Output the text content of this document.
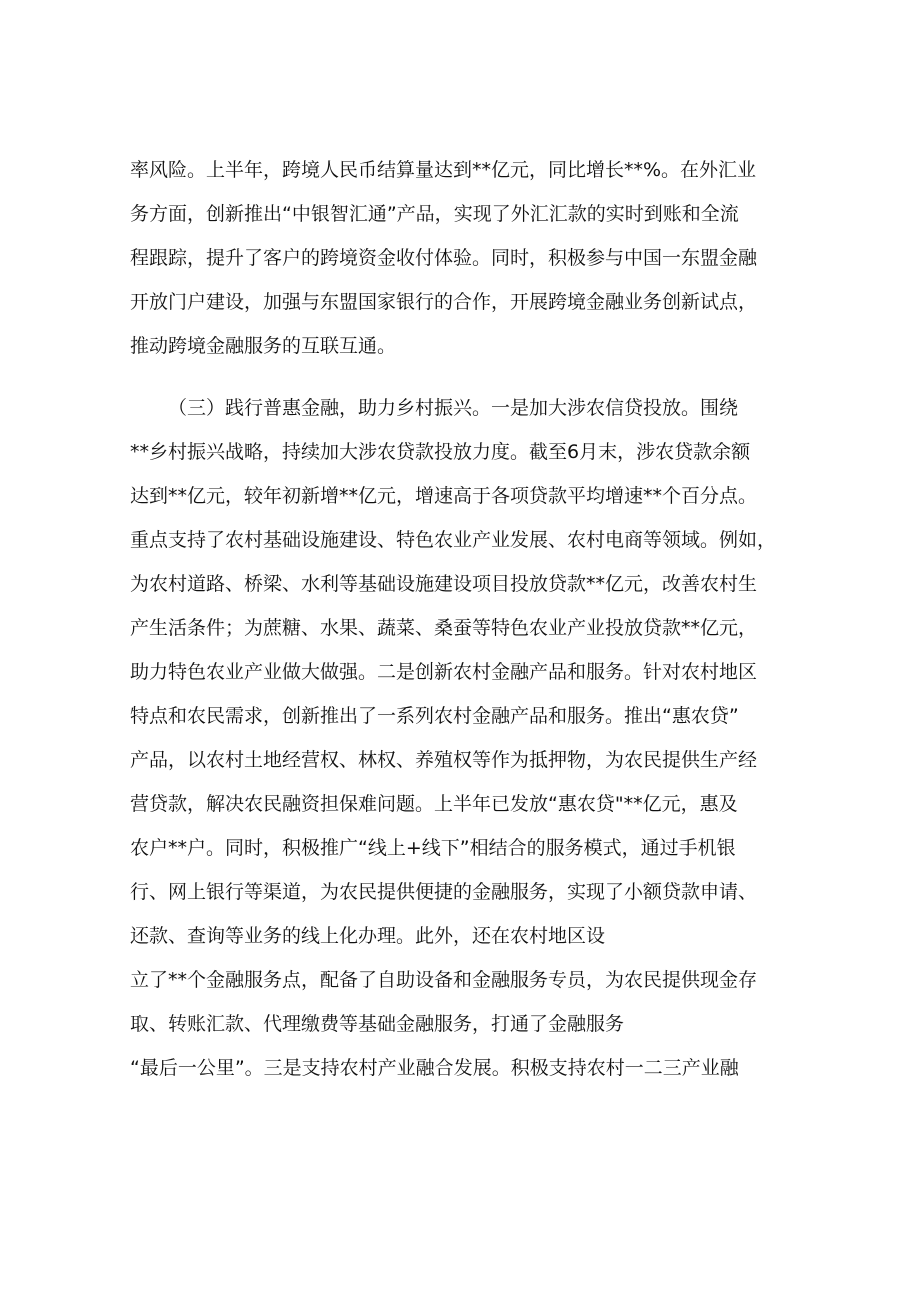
率风险。上半年，跨境人民币结算量达到**亿元，同比增长**%。在外汇业
务方面，创新推出“中银智汇通”产品，实现了外汇汇款的实时到账和全流
程跟踪，提升了客户的跨境资金收付体验。同时，积极参与中国一东盟金融
开放门户建设，加强与东盟国家银行的合作，开展跨境金融业务创新试点，
推动跨境金融服务的互联互通。
（三）践行普惠金融，助力乡村振兴。一是加大涉农信贷投放。围绕
**乡村振兴战略，持续加大涉农贷款投放力度。截至6月末，涉农贷款余额
达到**亿元，较年初新增**亿元，增速高于各项贷款平均增速**个百分点。
重点支持了农村基础设施建设、特色农业产业发展、农村电商等领域。例如，
为农村道路、桥梁、水利等基础设施建设项目投放贷款**亿元，改善农村生
产生活条件；为蔗糖、水果、蔬菜、桑蚕等特色农业产业投放贷款**亿元，
助力特色农业产业做大做强。二是创新农村金融产品和服务。针对农村地区
特点和农民需求，创新推出了一系列农村金融产品和服务。推出“惠农贷”
产品，以农村土地经营权、林权、养殖权等作为抵押物，为农民提供生产经
营贷款，解决农民融资担保难问题。上半年已发放“惠农贷"**亿元，惠及
农户**户。同时，积极推广“线上+线下”相结合的服务模式，通过手机银
行、网上银行等渠道，为农民提供便捷的金融服务，实现了小额贷款申请、
还款、查询等业务的线上化办理。此外，还在农村地区设
立了**个金融服务点，配备了自助设备和金融服务专员，为农民提供现金存
取、转账汇款、代理缴费等基础金融服务，打通了金融服务
“最后一公里”。三是支持农村产业融合发展。积极支持农村一二三产业融
